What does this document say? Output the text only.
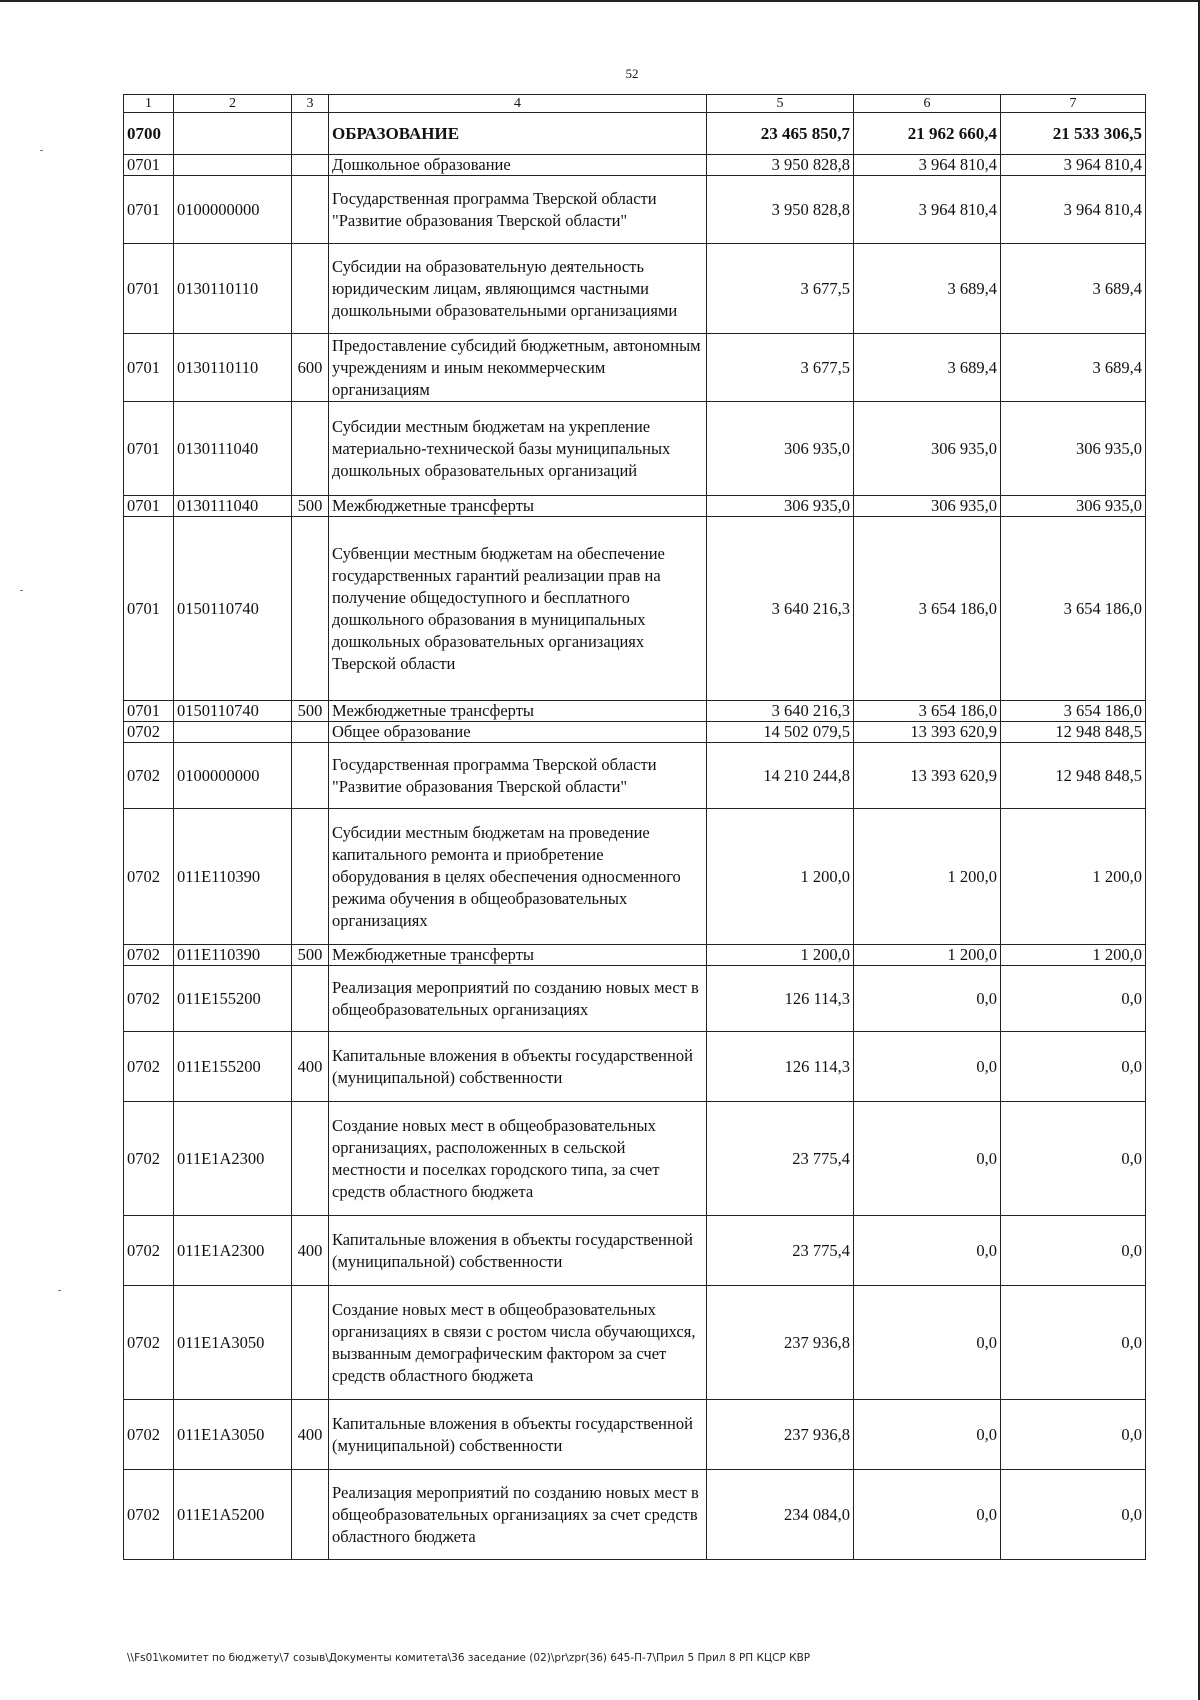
52
1	2	3	4	5	6	7
0700			ОБРАЗОВАНИЕ	23 465 850,7	21 962 660,4	21 533 306,5
0701			Дошкольное образование	3 950 828,8	3 964 810,4	3 964 810,4
0701	0100000000		Государственная программа Тверской области "Развитие образования Тверской области"	3 950 828,8	3 964 810,4	3 964 810,4
0701	0130110110		Субсидии на образовательную деятельность юридическим лицам, являющимся частными дошкольными образовательными организациями	3 677,5	3 689,4	3 689,4
0701	0130110110	600	Предоставление субсидий бюджетным, автономным учреждениям и иным некоммерческим организациям	3 677,5	3 689,4	3 689,4
0701	0130111040		Субсидии местным бюджетам на укрепление материально-технической базы муниципальных дошкольных образовательных организаций	306 935,0	306 935,0	306 935,0
0701	0130111040	500	Межбюджетные трансферты	306 935,0	306 935,0	306 935,0
0701	0150110740		Субвенции местным бюджетам на обеспечение государственных гарантий реализации прав на получение общедоступного и бесплатного дошкольного образования в муниципальных дошкольных образовательных организациях Тверской области	3 640 216,3	3 654 186,0	3 654 186,0
0701	0150110740	500	Межбюджетные трансферты	3 640 216,3	3 654 186,0	3 654 186,0
0702			Общее образование	14 502 079,5	13 393 620,9	12 948 848,5
0702	0100000000		Государственная программа Тверской области "Развитие образования Тверской области"	14 210 244,8	13 393 620,9	12 948 848,5
0702	011E110390		Субсидии местным бюджетам на проведение капитального ремонта и приобретение оборудования в целях обеспечения односменного режима обучения в общеобразовательных организациях	1 200,0	1 200,0	1 200,0
0702	011E110390	500	Межбюджетные трансферты	1 200,0	1 200,0	1 200,0
0702	011E155200		Реализация мероприятий по созданию новых мест в общеобразовательных организациях	126 114,3	0,0	0,0
0702	011E155200	400	Капитальные вложения в объекты государственной (муниципальной) собственности	126 114,3	0,0	0,0
0702	011E1A2300		Создание новых мест в общеобразовательных организациях, расположенных в сельской местности и поселках городского типа, за счет средств областного бюджета	23 775,4	0,0	0,0
0702	011E1A2300	400	Капитальные вложения в объекты государственной (муниципальной) собственности	23 775,4	0,0	0,0
0702	011E1A3050		Создание новых мест в общеобразовательных организациях в связи с ростом числа обучающихся, вызванным демографическим фактором за счет средств областного бюджета	237 936,8	0,0	0,0
0702	011E1A3050	400	Капитальные вложения в объекты государственной (муниципальной) собственности	237 936,8	0,0	0,0
0702	011E1A5200		Реализация мероприятий по созданию новых мест в общеобразовательных организациях за счет средств областного бюджета	234 084,0	0,0	0,0
\\Fs01\комитет по бюджету\7 созыв\Документы комитета\36 заседание (02)\pr\zpr(36) 645-П-7\Прил 5 Прил 8 РП КЦСР КВР
